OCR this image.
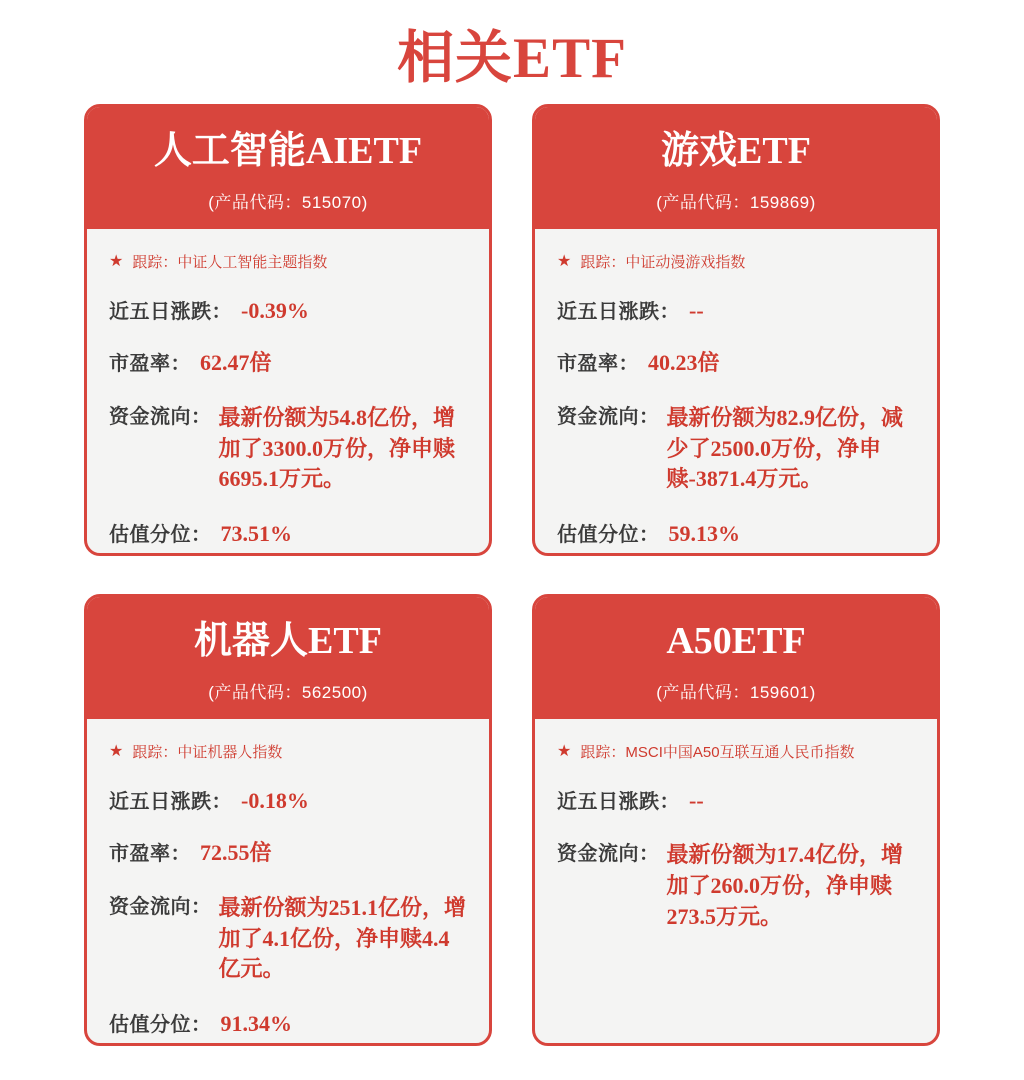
相关ETF
人工智能AIETF
(产品代码：515070)
★ 跟踪： 中证人工智能主题指数
近五日涨跌： -0.39%
市盈率： 62.47倍
资金流向： 最新份额为54.8亿份，增加了3300.0万份，净申赎6695.1万元。
估值分位： 73.51%
游戏ETF
(产品代码：159869)
★ 跟踪： 中证动漫游戏指数
近五日涨跌： --
市盈率： 40.23倍
资金流向： 最新份额为82.9亿份，减少了2500.0万份，净申赎-3871.4万元。
估值分位： 59.13%
机器人ETF
(产品代码：562500)
★ 跟踪： 中证机器人指数
近五日涨跌： -0.18%
市盈率： 72.55倍
资金流向： 最新份额为251.1亿份，增加了4.1亿份，净申赎4.4亿元。
估值分位： 91.34%
A50ETF
(产品代码：159601)
★ 跟踪： MSCI中国A50互联互通人民币指数
近五日涨跌： --
资金流向： 最新份额为17.4亿份，增加了260.0万份，净申赎273.5万元。
